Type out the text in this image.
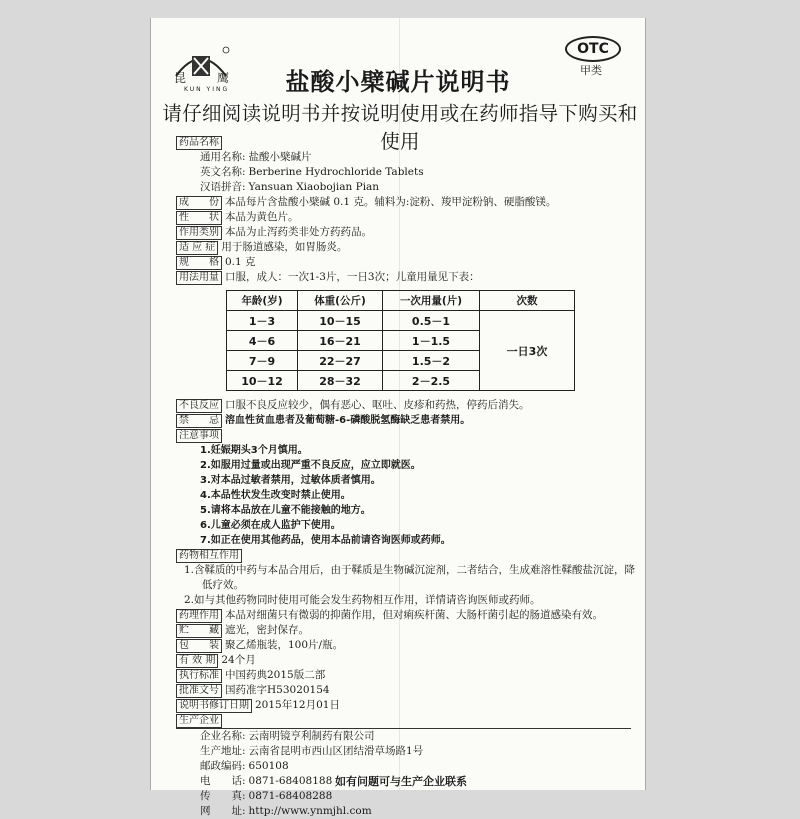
昆	鹰
KUN YING
OTC
甲类
盐酸小檗碱片说明书
请仔细阅读说明书并按说明使用或在药师指导下购买和使用
药品名称
通用名称: 盐酸小檗碱片
英文名称: Berberine Hydrochloride Tablets
汉语拼音: Yansuan Xiaobojian Pian
成　　份 本品每片含盐酸小檗碱 0.1 克。辅料为:淀粉、羧甲淀粉钠、硬脂酸镁。
性　　状 本品为黄色片。
作用类别 本品为止泻药类非处方药药品。
适 应 症 用于肠道感染，如胃肠炎。
规　　格 0.1 克
用法用量 口服，成人：一次1-3片，一日3次；儿童用量见下表：
不良反应 口服不良反应较少，偶有恶心、呕吐、皮疹和药热，停药后消失。
禁　　忌 溶血性贫血患者及葡萄糖-6-磷酸脱氢酶缺乏患者禁用。
注意事项
1.妊娠期头3个月慎用。
2.如服用过量或出现严重不良反应，应立即就医。
3.对本品过敏者禁用，过敏体质者慎用。
4.本品性状发生改变时禁止使用。
5.请将本品放在儿童不能接触的地方。
6.儿童必须在成人监护下使用。
7.如正在使用其他药品，使用本品前请咨询医师或药师。
药物相互作用
1.含鞣质的中药与本品合用后，由于鞣质是生物碱沉淀剂，二者结合，生成难溶性鞣酸盐沉淀，降低疗效。
2.如与其他药物同时使用可能会发生药物相互作用，详情请咨询医师或药师。
药理作用 本品对细菌只有微弱的抑菌作用，但对痢疾杆菌、大肠杆菌引起的肠道感染有效。
贮　　藏 遮光，密封保存。
包　　装 聚乙烯瓶装，100片/瓶。
有 效 期 24个月
执行标准 中国药典2015版二部
批准文号 国药准字H53020154
说明书修订日期 2015年12月01日
生产企业
企业名称: 云南明镜亨利制药有限公司
生产地址: 云南省昆明市西山区团结滑草场路1号
邮政编码: 650108
电　　话: 0871-68408188
传　　真: 0871-68408288
网　　址: http://www.ynmjhl.com
年龄(岁)	体重(公斤)	一次用量(片)	次数
1－3	10－15	0.5－1	一日3次
4－6	16－21	1－1.5	
7－9	22－27	1.5－2	
10－12	28－32	2－2.5	
如有问题可与生产企业联系
